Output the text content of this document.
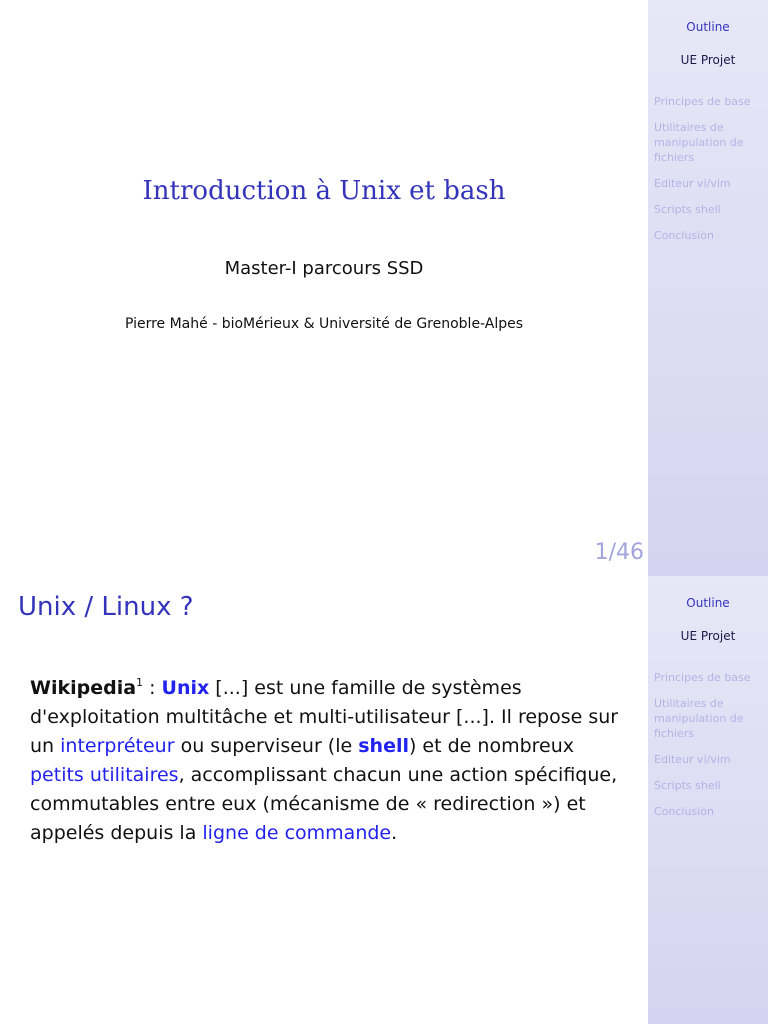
Introduction à Unix et bash
Master-I parcours SSD
Pierre Mahé - bioMérieux & Université de Grenoble-Alpes
1/46
Outline
UE Projet
Principes de base
Utilitaires de manipulation de fichiers
Editeur vi/vim
Scripts shell
Conclusion
Unix / Linux ?
Wikipedia$^1$ : Unix [...] est une famille de systèmes d'exploitation multitâche et multi-utilisateur [...]. Il repose sur un interpréteur ou superviseur (le shell) et de nombreux petits utilitaires, accomplissant chacun une action spécifique, commutables entre eux (mécanisme de « redirection ») et appelés depuis la ligne de commande.
Outline
UE Projet
Principes de base
Utilitaires de manipulation de fichiers
Editeur vi/vim
Scripts shell
Conclusion
